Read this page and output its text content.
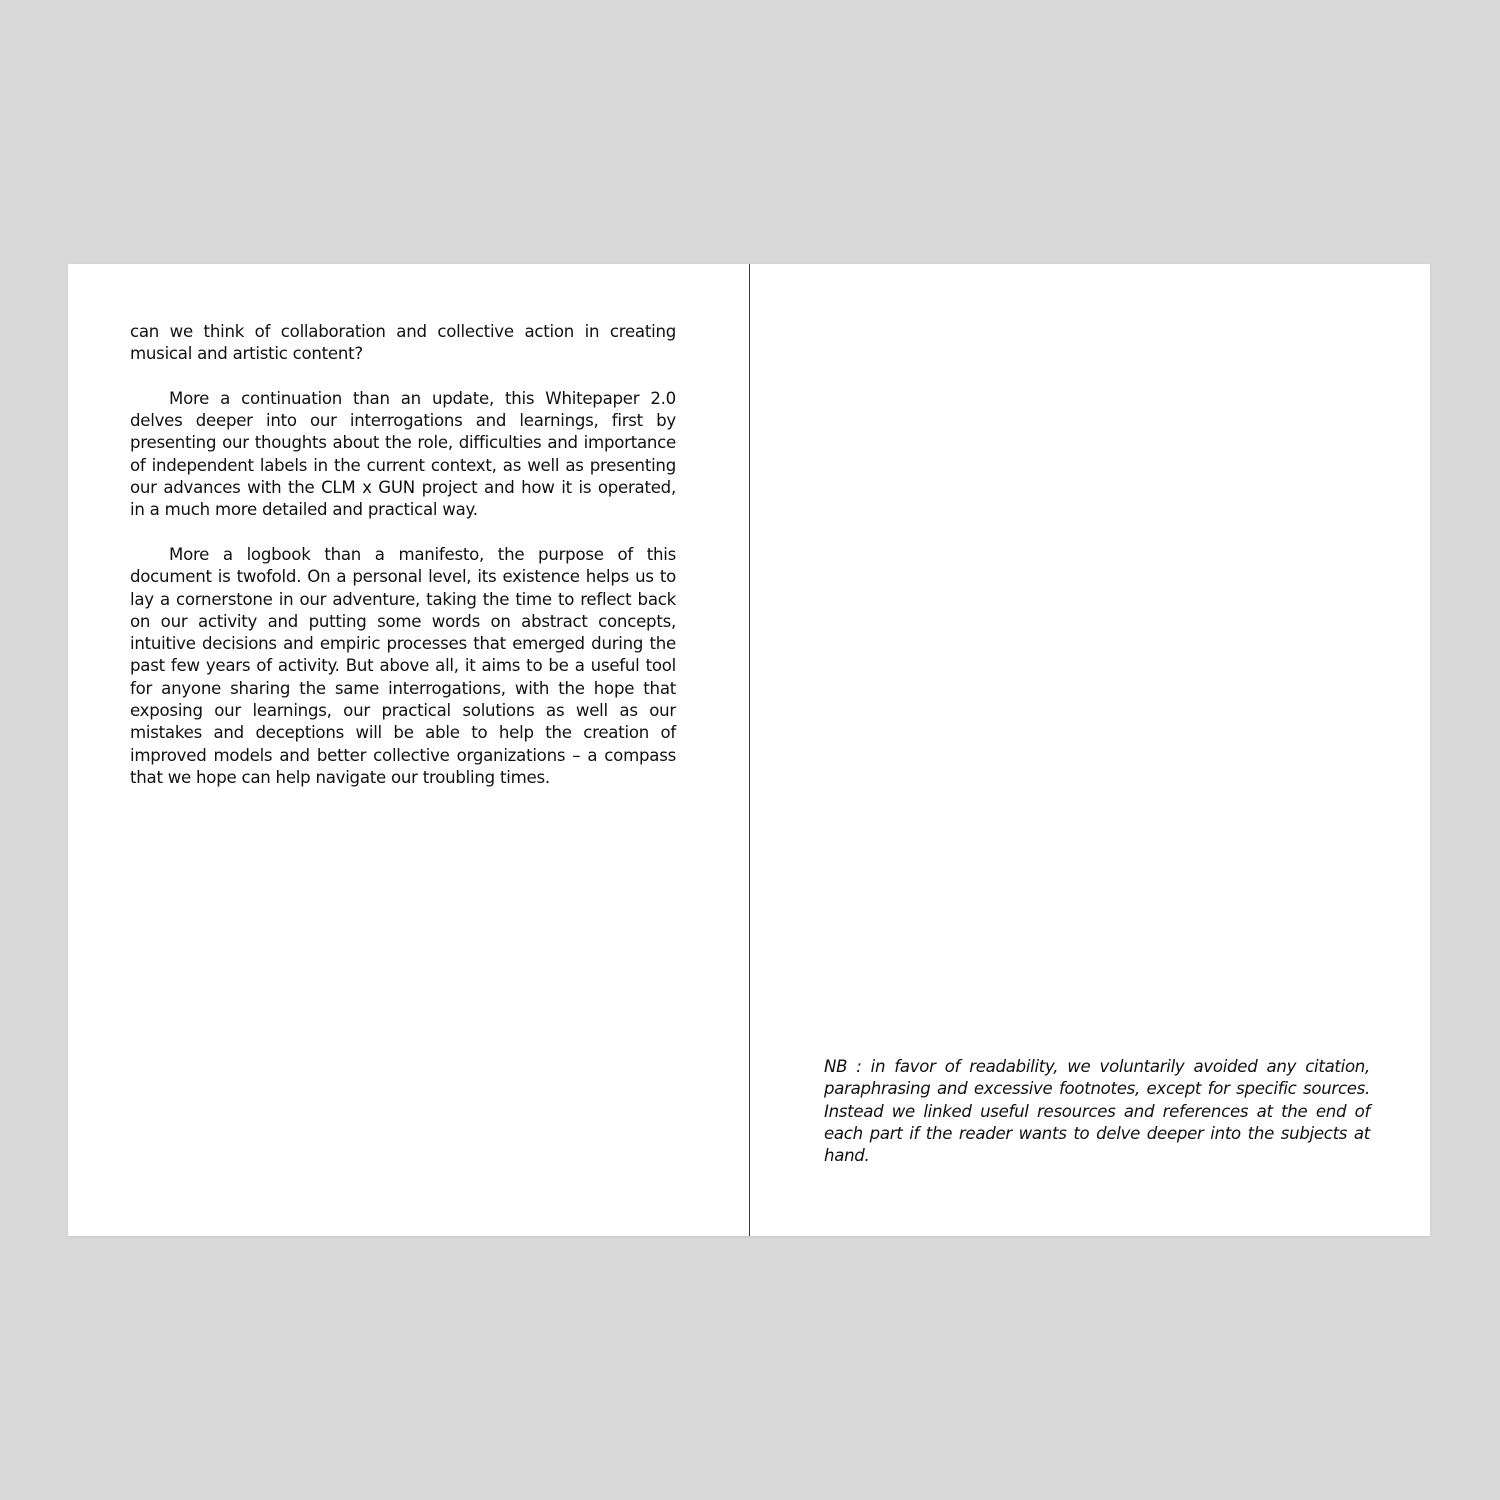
can we think of collaboration and collective action in creating musical and artistic content?

More a continuation than an update, this Whitepaper 2.0 delves deeper into our interrogations and learnings, first by presenting our thoughts about the role, difficulties and importance of independent labels in the current context, as well as presenting our advances with the CLM x GUN project and how it is operated, in a much more detailed and practical way.

More a logbook than a manifesto, the purpose of this document is twofold. On a personal level, its existence helps us to lay a cornerstone in our adventure, taking the time to reflect back on our activity and putting some words on abstract concepts, intuitive decisions and empiric processes that emerged during the past few years of activity. But above all, it aims to be a useful tool for anyone sharing the same interrogations, with the hope that exposing our learnings, our practical solutions as well as our mistakes and deceptions will be able to help the creation of improved models and better collective organizations – a compass that we hope can help navigate our troubling times.

NB : in favor of readability, we voluntarily avoided any citation, paraphrasing and excessive footnotes, except for specific sources. Instead we linked useful resources and references at the end of each part if the reader wants to delve deeper into the subjects at hand.
